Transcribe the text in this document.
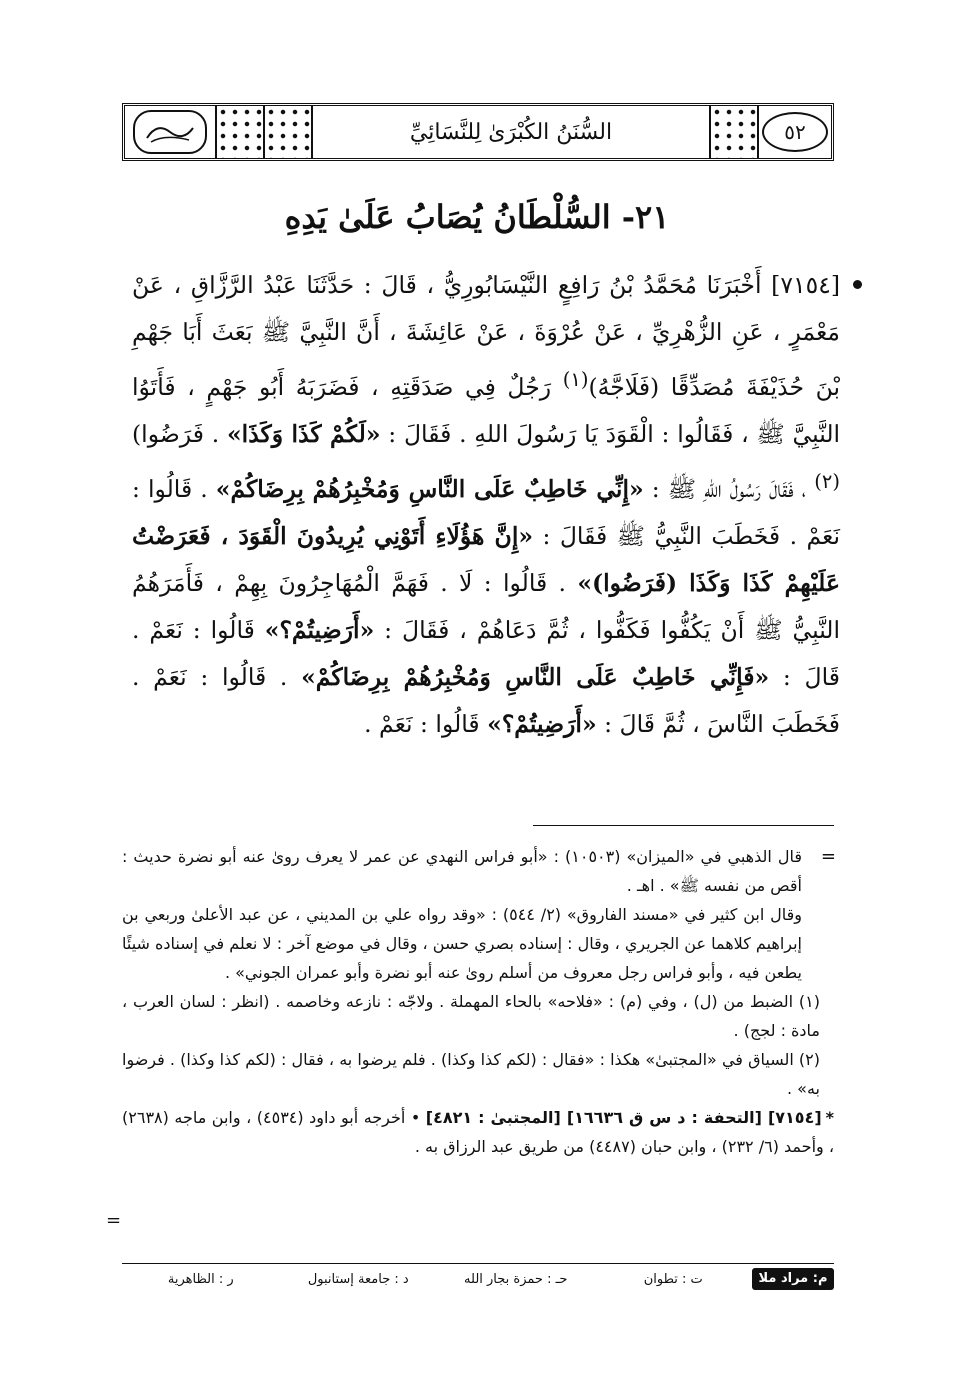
السُّنَنُ الكُبْرَىٰ لِلنَّسَائِيِّ	٥٢
٢١- السُّلْطَانُ يُصَابُ عَلَىٰ يَدِهِ
[٧١٥٤] أَخْبَرَنَا مُحَمَّدُ بْنُ رَافِعٍ النَّيْسَابُورِيُّ ، قَالَ : حَدَّثَنَا عَبْدُ الرَّزَّاقِ ، عَنْ مَعْمَرٍ ، عَنِ الزُّهْرِيِّ ، عَنْ عُرْوَةَ ، عَنْ عَائِشَةَ ، أَنَّ النَّبِيَّ ﷺ بَعَثَ أَبَا جَهْمِ بْنَ حُذَيْفَةَ مُصَدِّقًا (فَلَاجَّهُ)$^{(١)}$ رَجُلٌ فِي صَدَقَتِهِ ، فَضَرَبَهُ أَبُو جَهْمٍ ، فَأَتَوُا النَّبِيَّ ﷺ ، فَقَالُوا : الْقَوَدَ يَا رَسُولَ اللهِ . فَقَالَ : «لَكُمْ كَذَا وَكَذَا» . فَرَضُوا)$^{(٢)}$ ، فَقَالَ رَسُولُ اللهِ ﷺ : «إِنِّي خَاطِبٌ عَلَى النَّاسِ وَمُخْبِرُهُمْ بِرِضَاكُمْ» . قَالُوا : نَعَمْ . فَخَطَبَ النَّبِيُّ ﷺ فَقَالَ : «إِنَّ هَؤُلَاءِ أَتَوْنِي يُرِيدُونَ الْقَوَدَ ، فَعَرَضْتُ عَلَيْهِمْ كَذَا وَكَذَا (فَرَضُوا)» . قَالُوا : لَا . فَهَمَّ الْمُهَاجِرُونَ بِهِمْ ، فَأَمَرَهُمُ النَّبِيُّ ﷺ أَنْ يَكُفُّوا فَكَفُّوا ، ثُمَّ دَعَاهُمْ ، فَقَالَ : «أَرَضِيتُمْ؟» قَالُوا : نَعَمْ . قَالَ : «فَإِنِّي خَاطِبٌ عَلَى النَّاسِ وَمُخْبِرُهُمْ بِرِضَاكُمْ» . قَالُوا : نَعَمْ . فَخَطَبَ النَّاسَ ، ثُمَّ قَالَ : «أَرَضِيتُمْ؟» قَالُوا : نَعَمْ .
=

قال الذهبي في «الميزان» (١٠٥٠٣) : «أبو فراس النهدي عن عمر لا يعرف روىٰ عنه أبو نضرة حديث : أقص من نفسه ﷺ» . اهـ .

وقال ابن كثير في «مسند الفاروق» (٢/ ٥٤٤) : «وقد رواه علي بن المديني ، عن عبد الأعلىٰ وربعي بن إبراهيم كلاهما عن الجريري ، وقال : إسناده بصري حسن ، وقال في موضع آخر : لا نعلم في إسناده شيئًا يطعن فيه ، وأبو فراس رجل معروف من أسلم روىٰ عنه أبو نضرة وأبو عمران الجوني» .

(١) الضبط من (ل) ، وفي (م) : «فلاحه» بالحاء المهملة . ولاجّه : نازعه وخاصمه . (انظر : لسان العرب ، مادة : لجج) .

(٢) السياق في «المجتبىٰ» هكذا : «فقال : (لكم كذا وكذا) . فلم يرضوا به ، فقال : (لكم كذا وكذا) . فرضوا به» .

*[٧١٥٤] [التحفة : د س ق ١٦٦٣٦] [المجتبىٰ : ٤٨٢١] • أخرجه أبو داود (٤٥٣٤) ، وابن ماجه (٢٦٣٨) ، وأحمد (٦/ ٢٣٢) ، وابن حبان (٤٤٨٧) من طريق عبد الرزاق به .

=
م: مراد ملا
ت : تطوان
حـ : حمزة بجار الله
د : جامعة إستانبول
ر : الظاهرية
